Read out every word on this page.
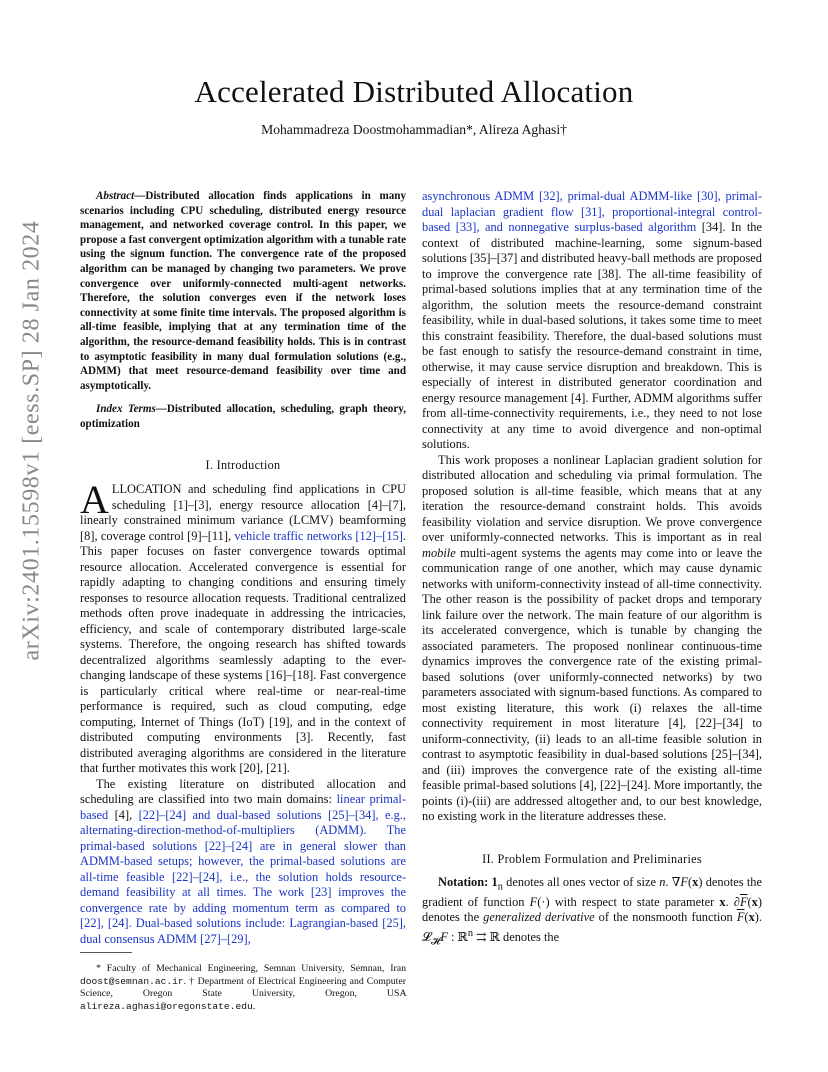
Accelerated Distributed Allocation
Mohammadreza Doostmohammadian*, Alireza Aghasi†
arXiv:2401.15598v1 [eess.SP] 28 Jan 2024

Abstract—Distributed allocation finds applications in many scenarios including CPU scheduling, distributed energy resource management, and networked coverage control. In this paper, we propose a fast convergent optimization algorithm with a tunable rate using the signum function. The convergence rate of the proposed algorithm can be managed by changing two parameters. We prove convergence over uniformly-connected multi-agent networks. Therefore, the solution converges even if the network loses connectivity at some finite time intervals. The proposed algorithm is all-time feasible, implying that at any termination time of the algorithm, the resource-demand feasibility holds. This is in contrast to asymptotic feasibility in many dual formulation solutions (e.g., ADMM) that meet resource-demand feasibility over time and asymptotically.

Index Terms—Distributed allocation, scheduling, graph theory, optimization

I. Introduction

ALLOCATION and scheduling find applications in CPU scheduling [1]–[3], energy resource allocation [4]–[7], linearly constrained minimum variance (LCMV) beamforming [8], coverage control [9]–[11], vehicle traffic networks [12]–[15]. This paper focuses on faster convergence towards optimal resource allocation. Accelerated convergence is essential for rapidly adapting to changing conditions and ensuring timely responses to resource allocation requests. Traditional centralized methods often prove inadequate in addressing the intricacies, efficiency, and scale of contemporary distributed large-scale systems. Therefore, the ongoing research has shifted towards decentralized algorithms seamlessly adapting to the ever-changing landscape of these systems [16]–[18]. Fast convergence is particularly critical where real-time or near-real-time performance is required, such as cloud computing, edge computing, Internet of Things (IoT) [19], and in the context of distributed computing environments [3]. Recently, fast distributed averaging algorithms are considered in the literature that further motivates this work [20], [21].

The existing literature on distributed allocation and scheduling are classified into two main domains: linear primal-based [4], [22]–[24] and dual-based solutions [25]–[34], e.g., alternating-direction-method-of-multipliers (ADMM). The primal-based solutions [22]–[24] are in general slower than ADMM-based setups; however, the primal-based solutions are all-time feasible [22]–[24], i.e., the solution holds resource-demand feasibility at all times. The work [23] improves the convergence rate by adding momentum term as compared to [22], [24]. Dual-based solutions include: Lagrangian-based [25], dual consensus ADMM [27]–[29],

* Faculty of Mechanical Engineering, Semnan University, Semnan, Iran doost@semnan.ac.ir. † Department of Electrical Engineering and Computer Science, Oregon State University, Oregon, USA alireza.aghasi@oregonstate.edu.

asynchronous ADMM [32], primal-dual ADMM-like [30], primal-dual laplacian gradient flow [31], proportional-integral control-based [33], and nonnegative surplus-based algorithm [34]. In the context of distributed machine-learning, some signum-based solutions [35]–[37] and distributed heavy-ball methods are proposed to improve the convergence rate [38]. The all-time feasibility of primal-based solutions implies that at any termination time of the algorithm, the solution meets the resource-demand constraint feasibility, while in dual-based solutions, it takes some time to meet this constraint feasibility. Therefore, the dual-based solutions must be fast enough to satisfy the resource-demand constraint in time, otherwise, it may cause service disruption and breakdown. This is especially of interest in distributed generator coordination and energy resource management [4]. Further, ADMM algorithms suffer from all-time-connectivity requirements, i.e., they need to not lose connectivity at any time to avoid divergence and non-optimal solutions.

This work proposes a nonlinear Laplacian gradient solution for distributed allocation and scheduling via primal formulation. The proposed solution is all-time feasible, which means that at any iteration the resource-demand constraint holds. This avoids feasibility violation and service disruption. We prove convergence over uniformly-connected networks. This is important as in real mobile multi-agent systems the agents may come into or leave the communication range of one another, which may cause dynamic networks with uniform-connectivity instead of all-time connectivity. The other reason is the possibility of packet drops and temporary link failure over the network. The main feature of our algorithm is its accelerated convergence, which is tunable by changing the associated parameters. The proposed nonlinear continuous-time dynamics improves the convergence rate of the existing primal-based solutions (over uniformly-connected networks) by two parameters associated with signum-based functions. As compared to most existing literature, this work (i) relaxes the all-time connectivity requirement in most literature [4], [22]–[34] to uniform-connectivity, (ii) leads to an all-time feasible solution in contrast to asymptotic feasibility in dual-based solutions [25]–[34], and (iii) improves the convergence rate of the existing all-time feasible primal-based solutions [4], [22]–[24]. More importantly, the points (i)-(iii) are addressed altogether and, to our best knowledge, no existing work in the literature addresses these.

II. Problem Formulation and Preliminaries

Notation: $1_n$ denotes all ones vector of size n. ∇F(x) denotes the gradient of function F(·) with respect to state parameter x. $\partial\overline{F}(x)$ denotes the generalized derivative of the nonsmooth function $\overline{F}(x)$. 𝓛$_𝓗$F : ℝ$^n$ ⇉ ℝ denotes the
